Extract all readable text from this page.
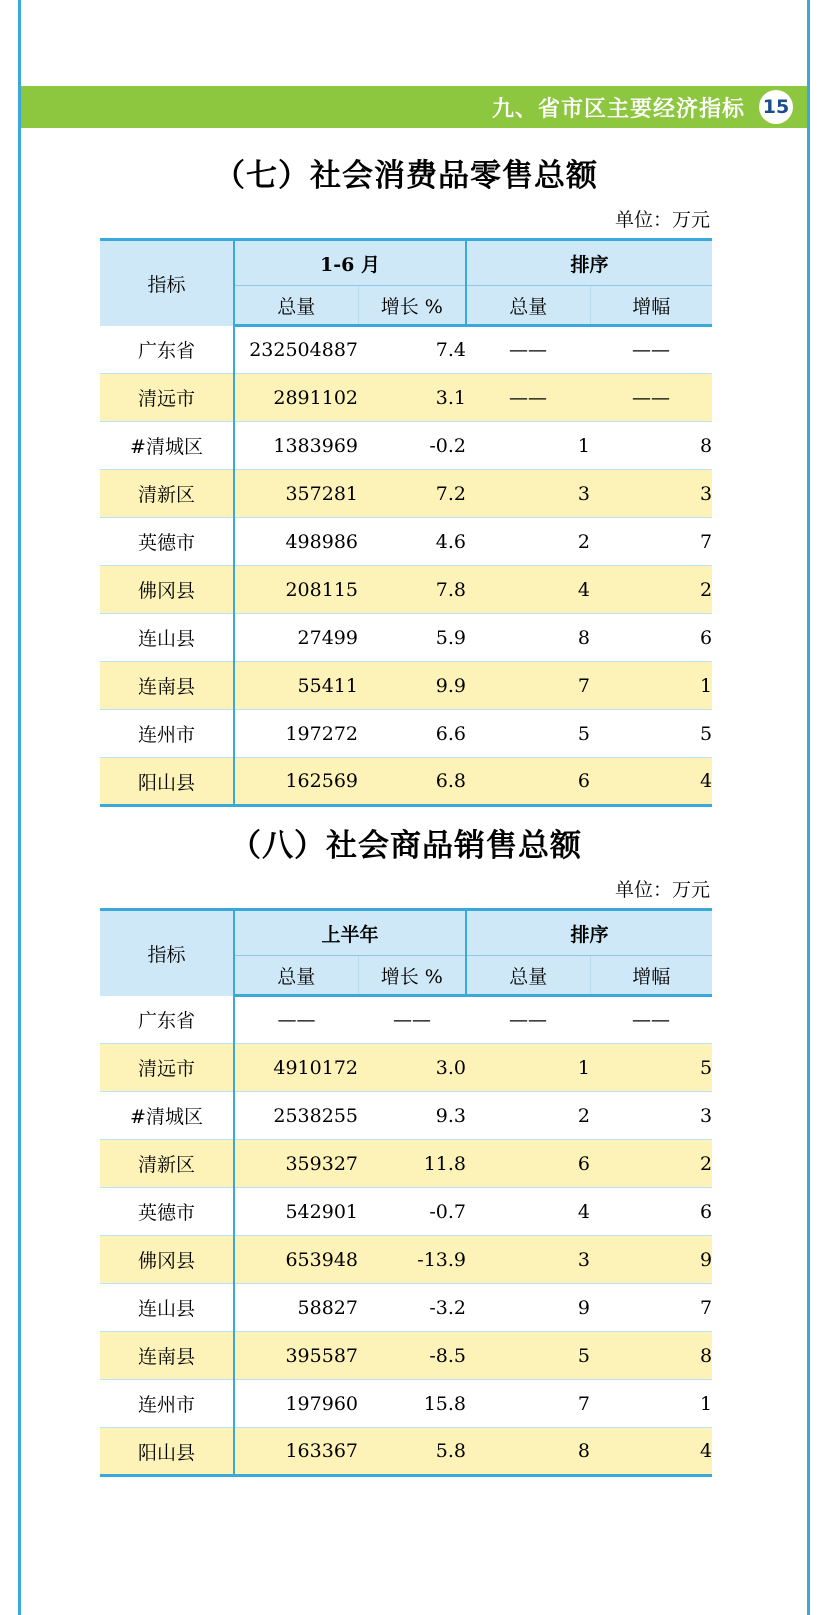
九、省市区主要经济指标 15
（七）社会消费品零售总额
单位：万元
指标	1-6 月		排序	
	总量	增长 %	总量	增幅
广东省	232504887	7.4	——	——
清远市	2891102	3.1	——	——
#清城区	1383969	-0.2	1	8
清新区	357281	7.2	3	3
英德市	498986	4.6	2	7
佛冈县	208115	7.8	4	2
连山县	27499	5.9	8	6
连南县	55411	9.9	7	1
连州市	197272	6.6	5	5
阳山县	162569	6.8	6	4
（八）社会商品销售总额
单位：万元
指标	上半年		排序	
	总量	增长 %	总量	增幅
广东省	——	——	——	——
清远市	4910172	3.0	1	5
#清城区	2538255	9.3	2	3
清新区	359327	11.8	6	2
英德市	542901	-0.7	4	6
佛冈县	653948	-13.9	3	9
连山县	58827	-3.2	9	7
连南县	395587	-8.5	5	8
连州市	197960	15.8	7	1
阳山县	163367	5.8	8	4
